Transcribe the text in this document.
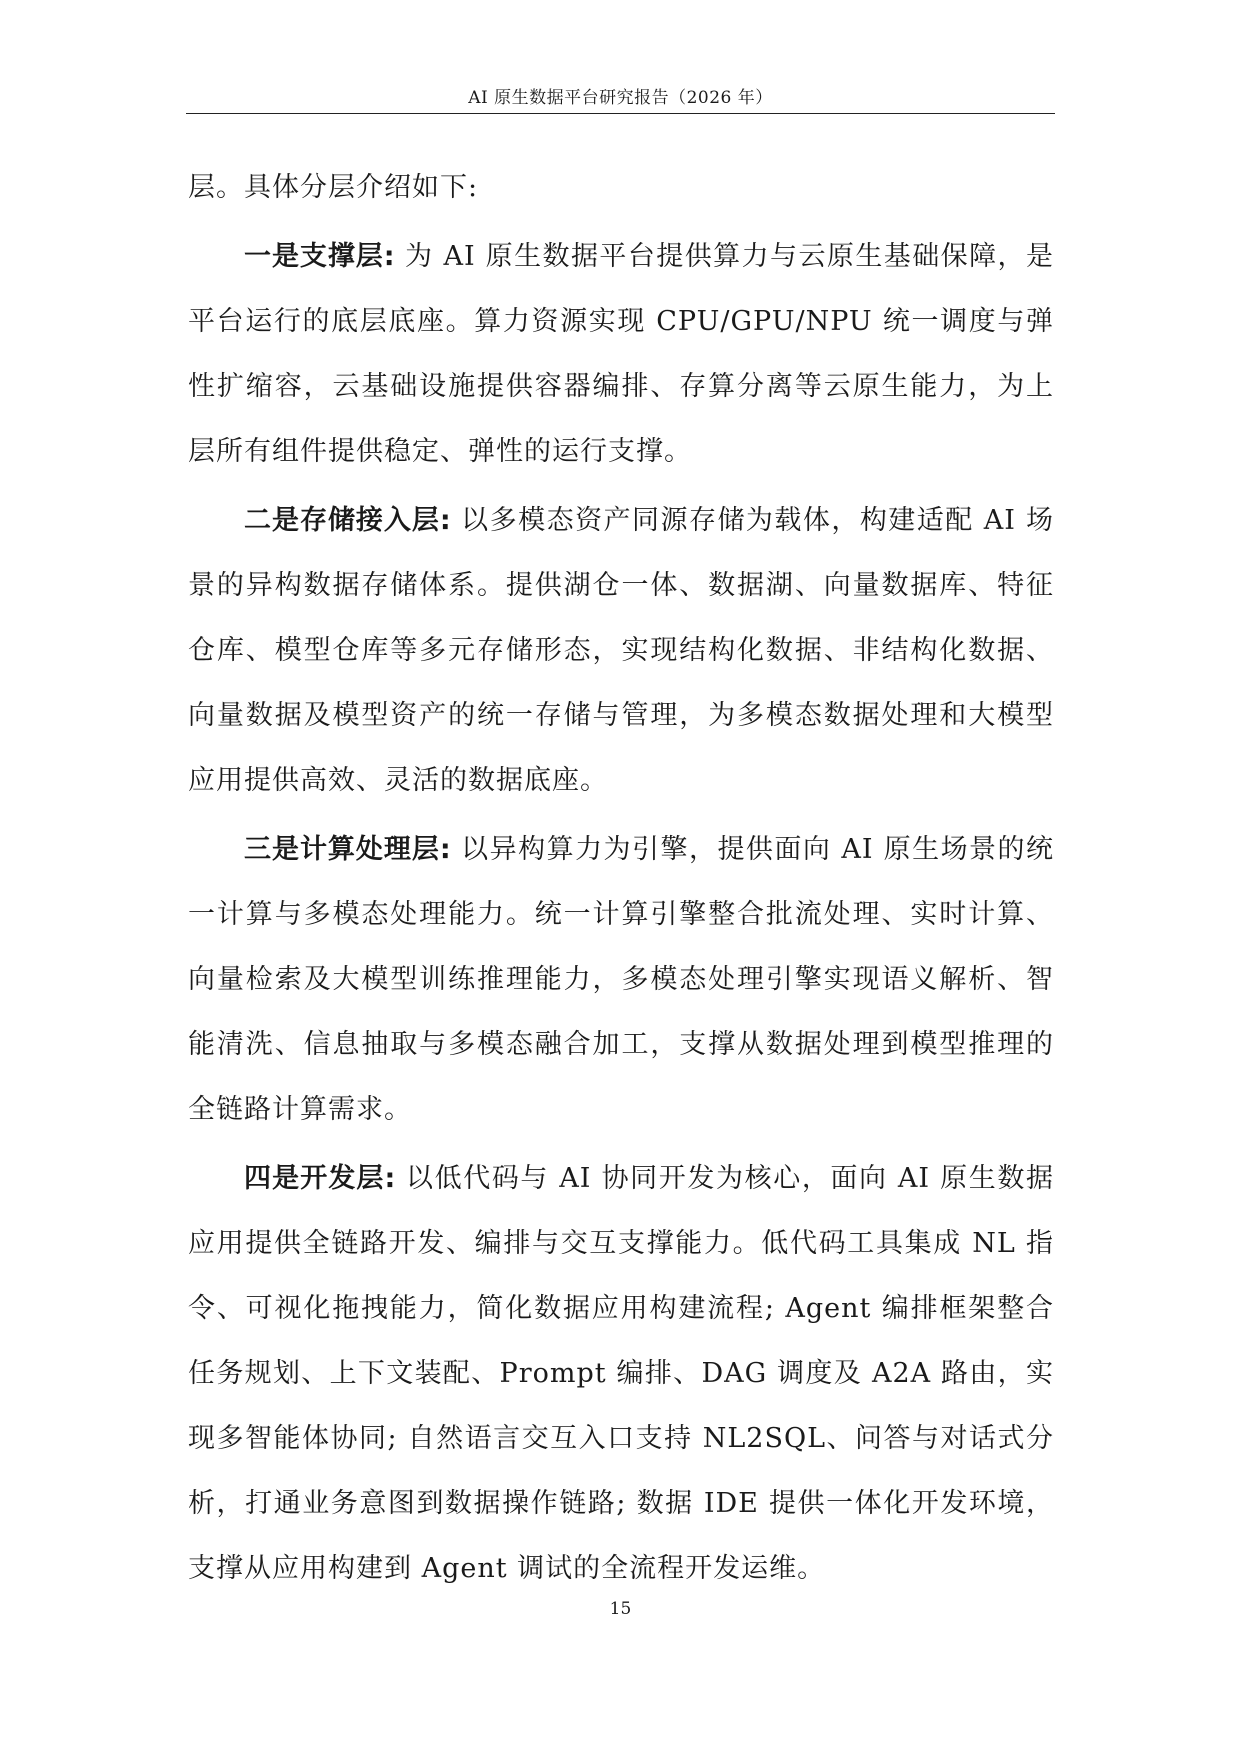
AI 原生数据平台研究报告（2026 年）

层。具体分层介绍如下:

一是支撑层: 为 AI 原生数据平台提供算力与云原生基础保障，是平台运行的底层底座。算力资源实现 CPU/GPU/NPU 统一调度与弹性扩缩容，云基础设施提供容器编排、存算分离等云原生能力，为上层所有组件提供稳定、弹性的运行支撑。

二是存储接入层: 以多模态资产同源存储为载体，构建适配 AI 场景的异构数据存储体系。提供湖仓一体、数据湖、向量数据库、特征仓库、模型仓库等多元存储形态，实现结构化数据、非结构化数据、向量数据及模型资产的统一存储与管理，为多模态数据处理和大模型应用提供高效、灵活的数据底座。

三是计算处理层: 以异构算力为引擎，提供面向 AI 原生场景的统一计算与多模态处理能力。统一计算引擎整合批流处理、实时计算、向量检索及大模型训练推理能力，多模态处理引擎实现语义解析、智能清洗、信息抽取与多模态融合加工，支撑从数据处理到模型推理的全链路计算需求。

四是开发层: 以低代码与 AI 协同开发为核心，面向 AI 原生数据应用提供全链路开发、编排与交互支撑能力。低代码工具集成 NL 指令、可视化拖拽能力，简化数据应用构建流程; Agent 编排框架整合任务规划、上下文装配、Prompt 编排、DAG 调度及 A2A 路由，实现多智能体协同; 自然语言交互入口支持 NL2SQL、问答与对话式分析，打通业务意图到数据操作链路; 数据 IDE 提供一体化开发环境，支撑从应用构建到 Agent 调试的全流程开发运维。

15
